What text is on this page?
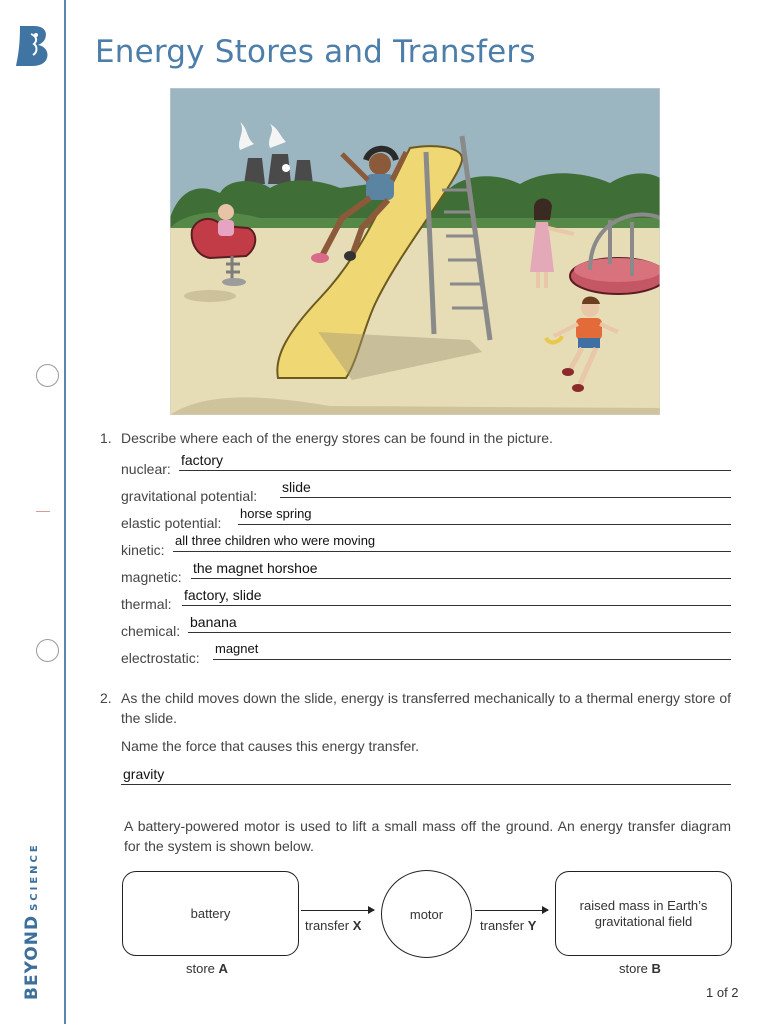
BEYONDSCIENCE
Energy Stores and Transfers
1. Describe where each of the energy stores can be found in the picture.
nuclear:
factory
gravitational potential:
slide
elastic potential:
horse spring
kinetic:
all three children who were moving
magnetic:
the magnet horshoe
thermal:
factory, slide
chemical:
banana
electrostatic:
magnet
2. As the child moves down the slide, energy is transferred mechanically to a thermal energy store of the slide.
Name the force that causes this energy transfer.
gravity
A battery-powered motor is used to lift a small mass off the ground. An energy transfer diagram for the system is shown below.
battery
transfer X
motor
transfer Y
raised mass in Earth’s gravitational field
store A	store B
1 of 2
